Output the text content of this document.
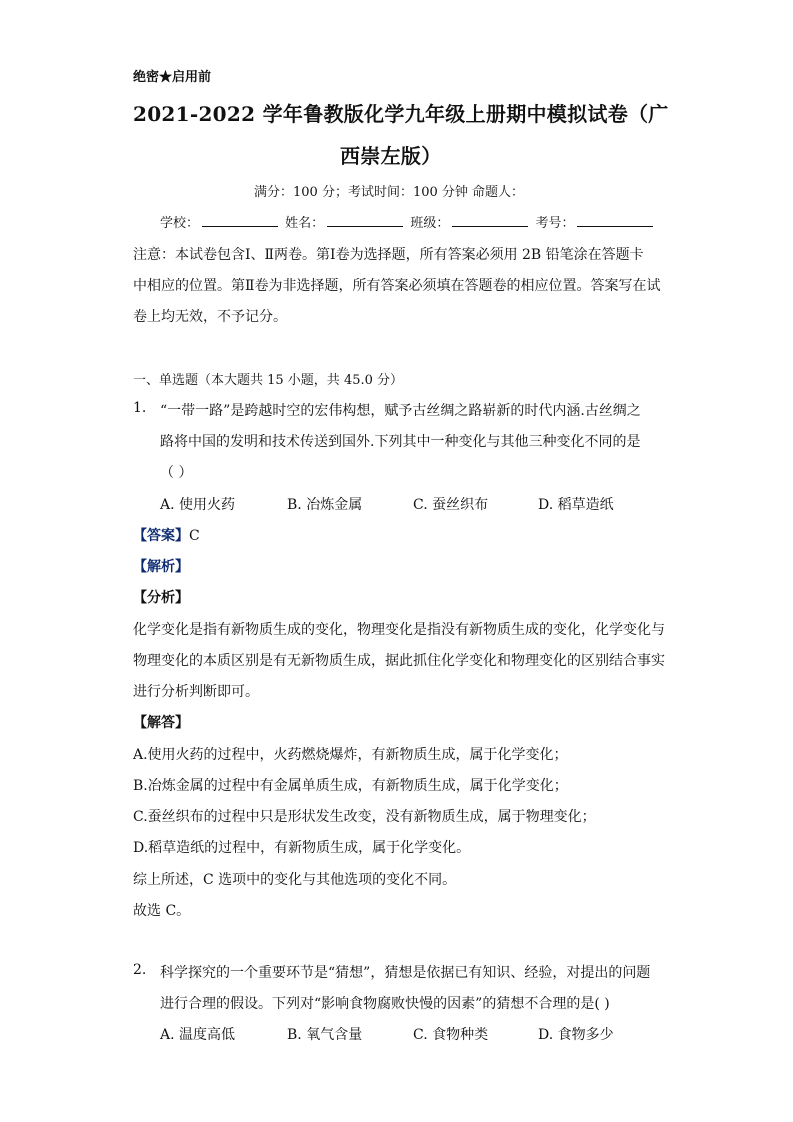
绝密★启用前
2021-2022 学年鲁教版化学九年级上册期中模拟试卷（广
西崇左版）
满分：100 分；考试时间：100 分钟 命题人：
学校：	姓名：	班级：	考号：
注意：本试卷包含Ⅰ、Ⅱ两卷。第Ⅰ卷为选择题，所有答案必须用 2B 铅笔涂在答题卡
中相应的位置。第Ⅱ卷为非选择题，所有答案必须填在答题卷的相应位置。答案写在试
卷上均无效，不予记分。
一、单选题（本大题共 15 小题，共 45.0 分）
1. “一带一路”是跨越时空的宏伟构想，赋予古丝绸之路崭新的时代内涵.古丝绸之
路将中国的发明和技术传送到国外.下列其中一种变化与其他三种变化不同的是
（ ）
A. 使用火药	B. 冶炼金属	C. 蚕丝织布	D. 稻草造纸
【答案】C
【解析】
【分析】
化学变化是指有新物质生成的变化，物理变化是指没有新物质生成的变化，化学变化与
物理变化的本质区别是有无新物质生成，据此抓住化学变化和物理变化的区别结合事实
进行分析判断即可。
【解答】
A.使用火药的过程中，火药燃烧爆炸，有新物质生成，属于化学变化；
B.冶炼金属的过程中有金属单质生成，有新物质生成，属于化学变化；
C.蚕丝织布的过程中只是形状发生改变，没有新物质生成，属于物理变化；
D.稻草造纸的过程中，有新物质生成，属于化学变化。
综上所述，C 选项中的变化与其他选项的变化不同。
故选 C。
2. 科学探究的一个重要环节是“猜想”，猜想是依据已有知识、经验，对提出的问题
进行合理的假设。下列对“影响食物腐败快慢的因素”的猜想不合理的是( )
A. 温度高低	B. 氧气含量	C. 食物种类	D. 食物多少
